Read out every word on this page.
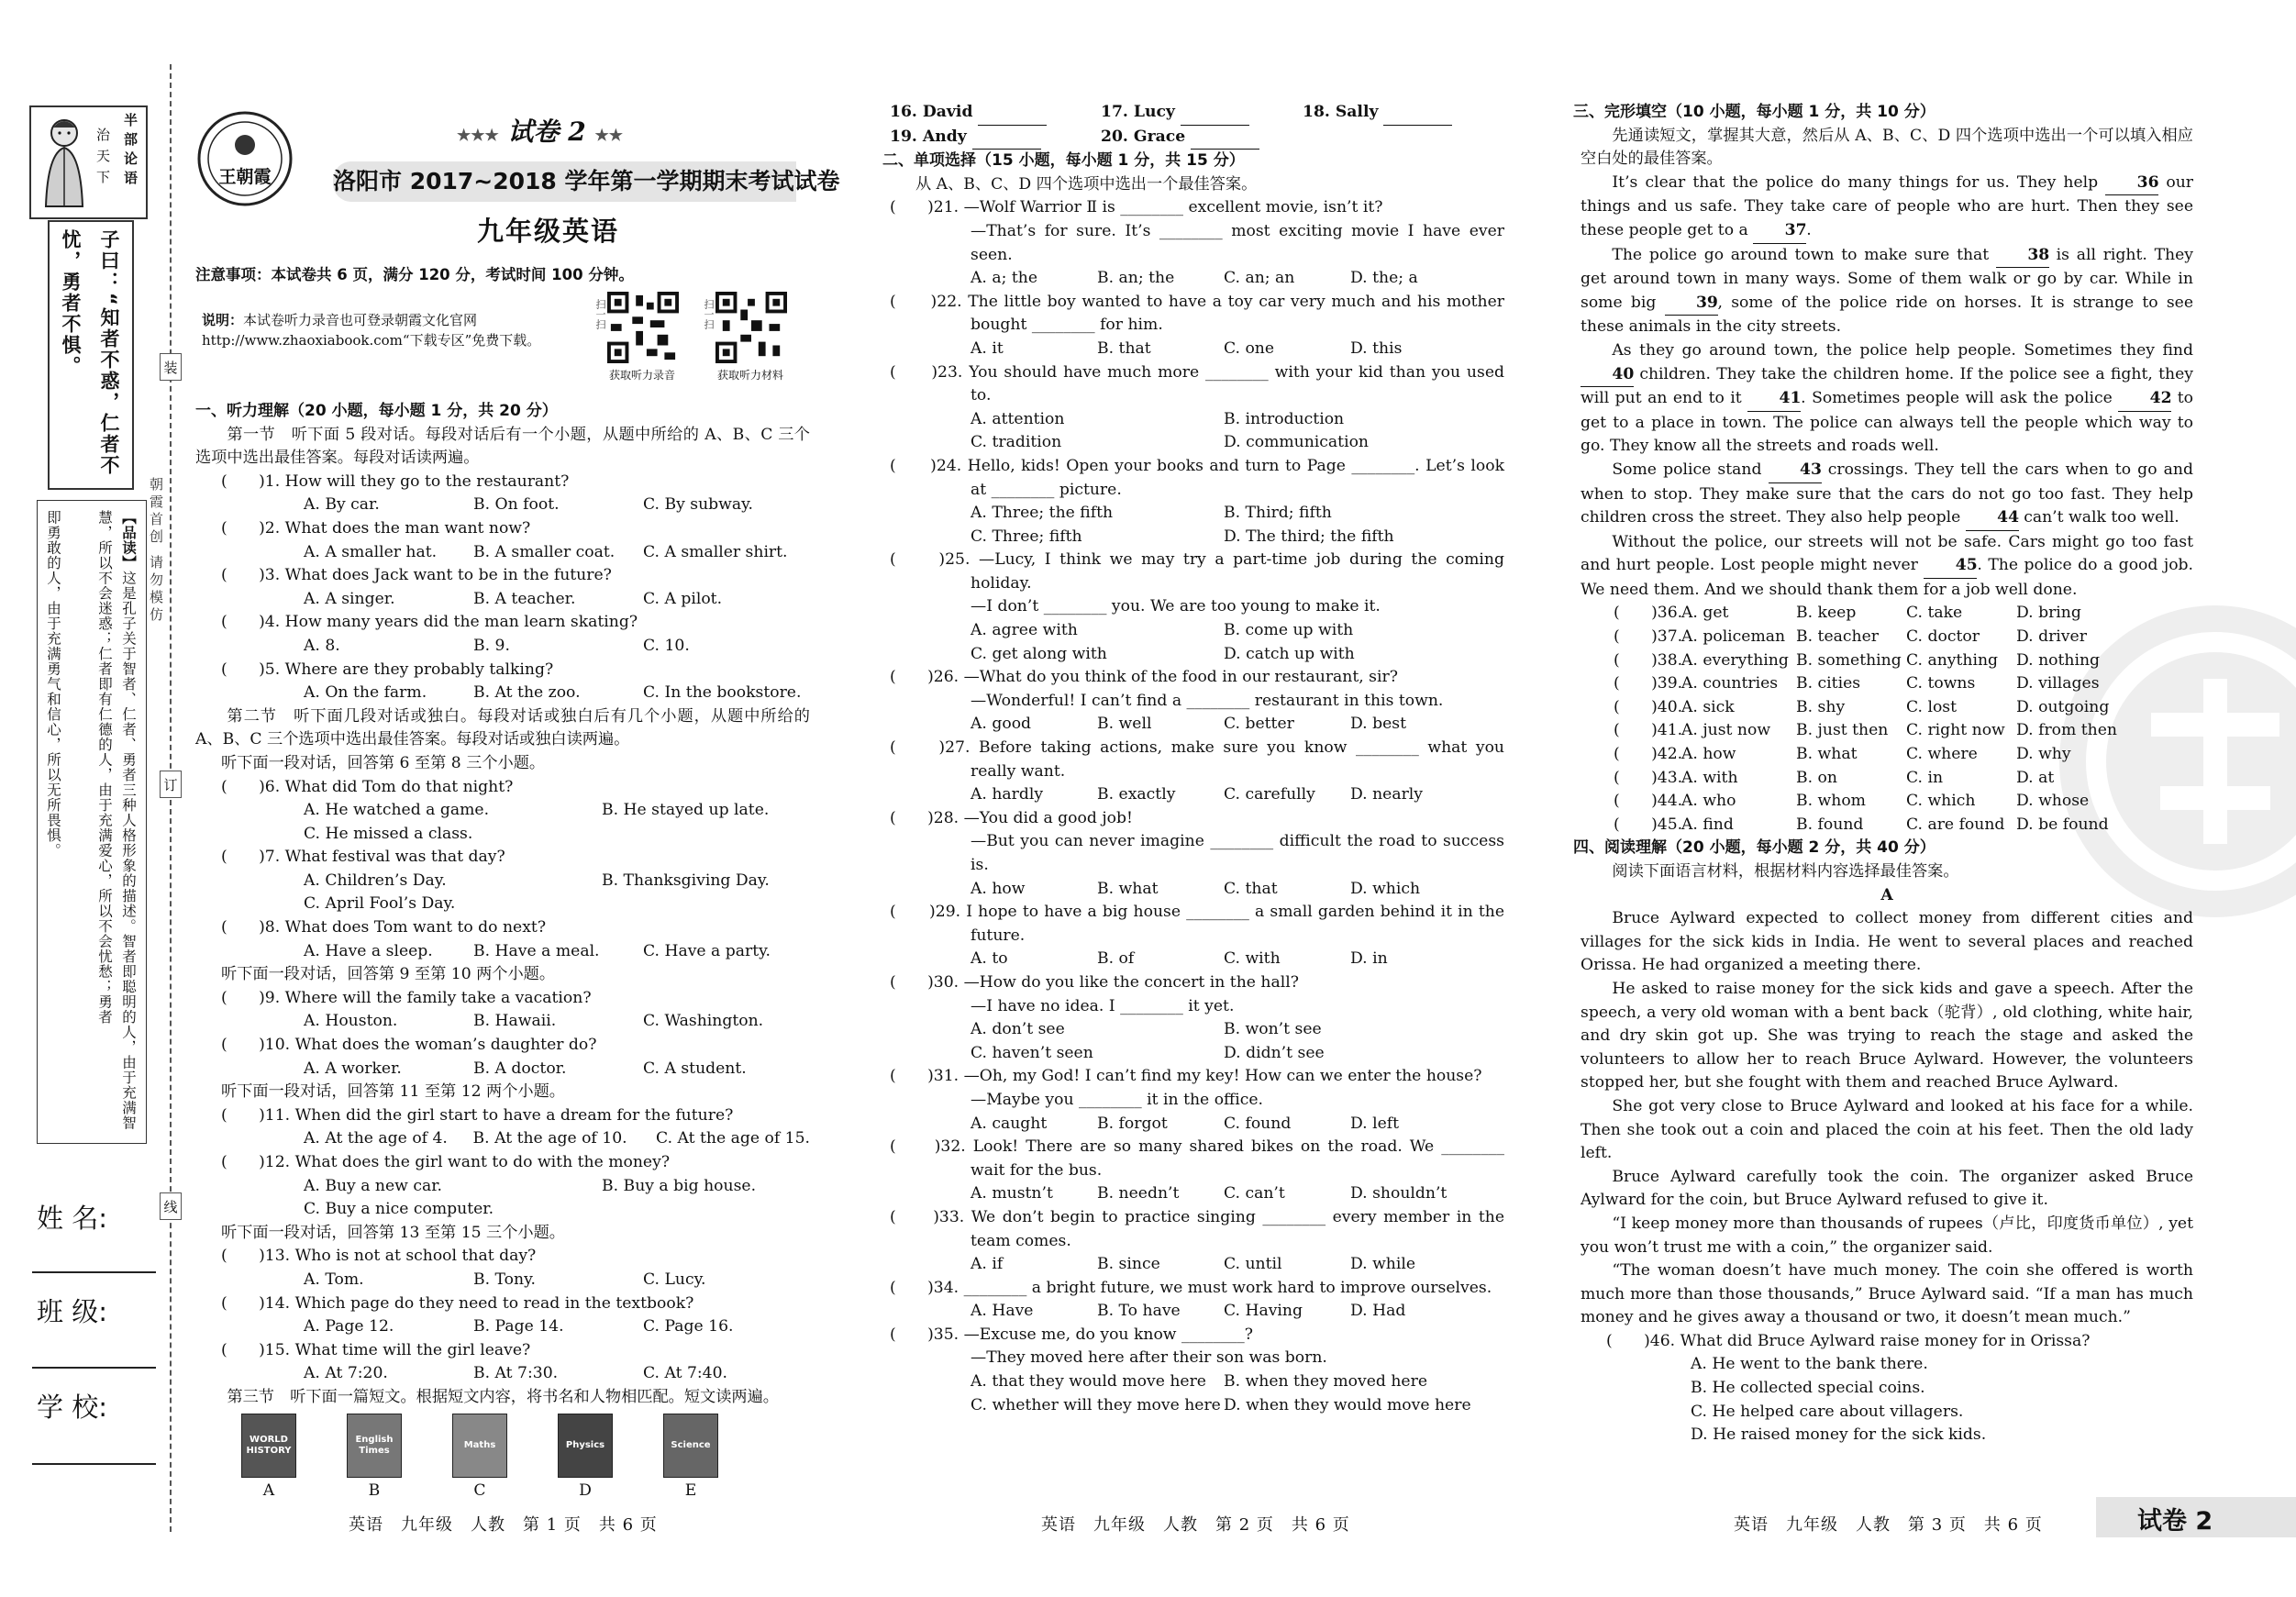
半部论语
治天下
忧，勇者不惧。 子曰：“知者不惑，仁者不
【品读】这是孔子关于智者、仁者、勇者三种人格形象的描述。智者即聪明的人，由于充满智慧，所以不会迷惑；仁者即有仁德的人，由于充满爱心，所以不会忧愁；勇者
即勇敢的人，由于充满勇气和信心，所以无所畏惧。	朝霞首创 请勿模仿
装
订
线
姓 名:
班 级:
学 校:
王朝霞
★★★ 试卷 2 ★★
洛阳市 2017~2018 学年第一学期期末考试试卷
九年级英语
注意事项：本试卷共 6 页，满分 120 分，考试时间 100 分钟。
说明：本试卷听力录音也可登录朝霞文化官网 http://www.zhaoxiabook.com“下载专区”免费下载。
扫一扫
获取听力录音
扫一扫
获取听力材料

一、听力理解（20 小题，每小题 1 分，共 20 分）

第一节　听下面 5 段对话。每段对话后有一个小题，从题中所给的 A、B、C 三个选项中选出最佳答案。每段对话读两遍。

(　　)1. How will they go to the restaurant?

A. By car.	B. On foot.	C. By subway.

(　　)2. What does the man want now?

A. A smaller hat.	B. A smaller coat.	C. A smaller shirt.

(　　)3. What does Jack want to be in the future?

A. A singer.	B. A teacher.	C. A pilot.

(　　)4. How many years did the man learn skating?

A. 8.	B. 9.	C. 10.

(　　)5. Where are they probably talking?

A. On the farm.	B. At the zoo.	C. In the bookstore.

第二节　听下面几段对话或独白。每段对话或独白后有几个小题，从题中所给的 A、B、C 三个选项中选出最佳答案。每段对话或独白读两遍。

听下面一段对话，回答第 6 至第 8 三个小题。

(　　)6. What did Tom do that night?

A. He watched a game.	B. He stayed up late.

C. He missed a class.

(　　)7. What festival was that day?

A. Children’s Day.	B. Thanksgiving Day.

C. April Fool’s Day.

(　　)8. What does Tom want to do next?

A. Have a sleep.	B. Have a meal.	C. Have a party.

听下面一段对话，回答第 9 至第 10 两个小题。

(　　)9. Where will the family take a vacation?

A. Houston.	B. Hawaii.	C. Washington.

(　　)10. What does the woman’s daughter do?

A. A worker.	B. A doctor.	C. A student.

听下面一段对话，回答第 11 至第 12 两个小题。

(　　)11. When did the girl start to have a dream for the future?

A. At the age of 4.	B. At the age of 10.	C. At the age of 15.

(　　)12. What does the girl want to do with the money?

A. Buy a new car.	B. Buy a big house.

C. Buy a nice computer.

听下面一段对话，回答第 13 至第 15 三个小题。

(　　)13. Who is not at school that day?

A. Tom.	B. Tony.	C. Lucy.

(　　)14. Which page do they need to read in the textbook?

A. Page 12.	B. Page 14.	C. Page 16.

(　　)15. What time will the girl leave?

A. At 7:20.	B. At 7:30.	C. At 7:40.

第三节　听下面一篇短文。根据短文内容，将书名和人物相匹配。短文读两遍。

WORLD HISTORY
A
English Times
B
Maths
C
Physics
D
Science
E
英语　九年级　人教　第 1 页　共 6 页
16. David	17. Lucy	18. Sally
19. Andy	20. Grace

二、单项选择（15 小题，每小题 1 分，共 15 分）

从 A、B、C、D 四个选项中选出一个最佳答案。

(　　)21. —Wolf Warrior Ⅱ is ________ excellent movie, isn’t it?

—That’s for sure. It’s ________ most exciting movie I have ever seen.

A. a; the	B. an; the	C. an; an	D. the; a

(　　)22. The little boy wanted to have a toy car very much and his mother bought ________ for him.

A. it	B. that	C. one	D. this

(　　)23. You should have much more ________ with your kid than you used to.

A. attention	B. introduction
C. tradition	D. communication

(　　)24. Hello, kids! Open your books and turn to Page ________. Let’s look at ________ picture.

A. Three; the fifth	B. Third; fifth
C. Three; fifth	D. The third; the fifth

(　　)25. —Lucy, I think we may try a part-time job during the coming holiday.

—I don’t ________ you. We are too young to make it.

A. agree with	B. come up with
C. get along with	D. catch up with

(　　)26. —What do you think of the food in our restaurant, sir?

—Wonderful! I can’t find a ________ restaurant in this town.

A. good	B. well	C. better	D. best

(　　)27. Before taking actions, make sure you know ________ what you really want.

A. hardly	B. exactly	C. carefully	D. nearly

(　　)28. —You did a good job!

—But you can never imagine ________ difficult the road to success is.

A. how	B. what	C. that	D. which

(　　)29. I hope to have a big house ________ a small garden behind it in the future.

A. to	B. of	C. with	D. in

(　　)30. —How do you like the concert in the hall?

—I have no idea. I ________ it yet.

A. don’t see	B. won’t see
C. haven’t seen	D. didn’t see

(　　)31. —Oh, my God! I can’t find my key! How can we enter the house?

—Maybe you ________ it in the office.

A. caught	B. forgot	C. found	D. left

(　　)32. Look! There are so many shared bikes on the road. We ________ wait for the bus.

A. mustn’t	B. needn’t	C. can’t	D. shouldn’t

(　　)33. We don’t begin to practice singing ________ every member in the team comes.

A. if	B. since	C. until	D. while

(　　)34. ________ a bright future, we must work hard to improve ourselves.

A. Have	B. To have	C. Having	D. Had

(　　)35. —Excuse me, do you know ________?

—They moved here after their son was born.

A. that they would move here	B. when they moved here
C. whether will they move here D. when they would move here
英语　九年级　人教　第 2 页　共 6 页

三、完形填空（10 小题，每小题 1 分，共 10 分）

先通读短文，掌握其大意，然后从 A、B、C、D 四个选项中选出一个可以填入相应空白处的最佳答案。

It’s clear that the police do many things for us. They help 36 our things and us safe. They take care of people who are hurt. Then they see these people get to a 37.

The police go around town to make sure that 38 is all right. They get around town in many ways. Some of them walk or go by car. While in some big	39, some of the police ride on horses. It is strange to see these animals in the city streets.

As they go around town, the police help people. Sometimes they find 40 children. They take the children home. If the police see a fight, they will put an end to it 41. Sometimes people will ask the police 42 to get to a place in town. The police can always tell the people which way to go. They know all the streets and roads well.

Some police stand 43 crossings. They tell the cars when to go and when to stop. They make sure that the cars do not go too fast. They help children cross the street. They also help people 44 can’t walk too well.

Without the police, our streets will not be safe. Cars might go too fast and hurt people. Lost people might never 45. The police do a good job. We need them. And we should thank them for a job well done.

(　　)36.
A. get	B. keep	C. take	D. bring
(　　)37.
A. policeman B. teacher	C. doctor	D. driver
(　　)38.
A. everything B. something C. anything	D. nothing
(　　)39.
A. countries	B. cities	C. towns	D. villages
(　　)40.
A. sick	B. shy	C. lost	D. outgoing
(　　)41.
A. just now	B. just then	C. right now D. from then
(　　)42.
A. how	B. what	C. where	D. why
(　　)43.
A. with	B. on	C. in	D. at
(　　)44.
A. who	B. whom	C. which	D. whose
(　　)45.
A. find	B. found	C. are found D. be found

四、阅读理解（20 小题，每小题 2 分，共 40 分）

阅读下面语言材料，根据材料内容选择最佳答案。

A

Bruce Aylward expected to collect money from different cities and villages for the sick kids in India. He went to several places and reached Orissa. He had organized a meeting there.

He asked to raise money for the sick kids and gave a speech. After the speech, a very old woman with a bent back（驼背）, old clothing, white hair, and dry skin got up. She was trying to reach the stage and asked the volunteers to allow her to reach Bruce Aylward. However, the volunteers stopped her, but she fought with them and reached Bruce Aylward.

She got very close to Bruce Aylward and looked at his face for a while. Then she took out a coin and placed the coin at his feet. Then the old lady left.

Bruce Aylward carefully took the coin. The organizer asked Bruce Aylward for the coin, but Bruce Aylward refused to give it.

“I keep money more than thousands of rupees（卢比，印度货币单位）, yet you won’t trust me with a coin,” the organizer said.

“The woman doesn’t have much money. The coin she offered is worth much more than those thousands,” Bruce Aylward said. “If a man has much money and he gives away a thousand or two, it doesn’t mean much.”

(　　)46. What did Bruce Aylward raise money for in Orissa?

A. He went to the bank there.

B. He collected special coins.

C. He helped care about villagers.

D. He raised money for the sick kids.

英语　九年级　人教　第 3 页　共 6 页	试卷 2
